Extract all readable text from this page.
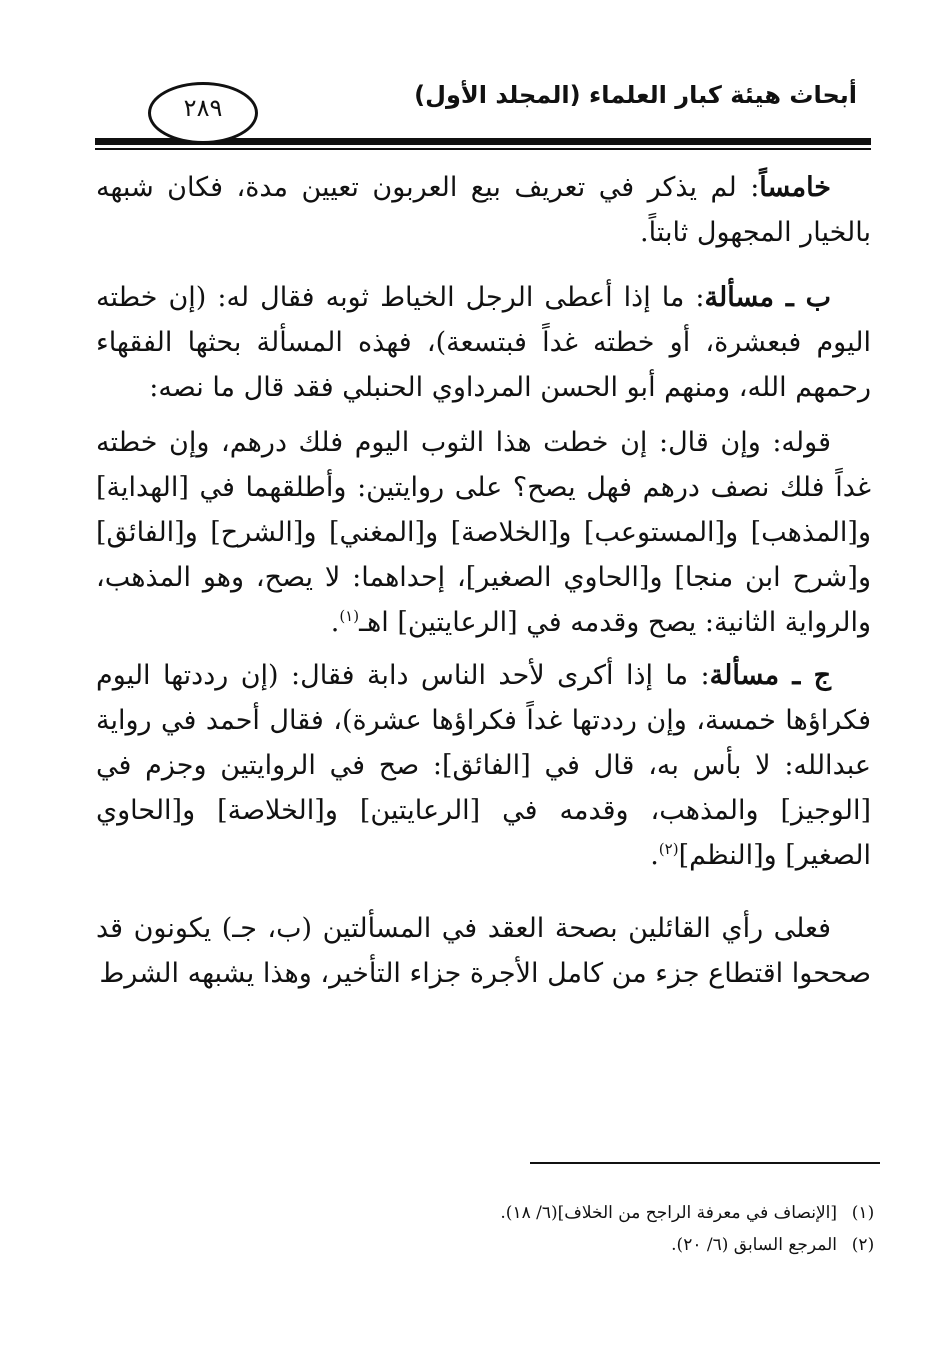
أبحاث هيئة كبار العلماء (المجلد الأول)
٢٨٩

خامساً: لم يذكر في تعريف بيع العربون تعيين مدة، فكان شبهه بالخيار المجهول ثابتاً.

ب ـ مسألة: ما إذا أعطى الرجل الخياط ثوبه فقال له: (إن خطته اليوم فبعشرة، أو خطته غداً فبتسعة)، فهذه المسألة بحثها الفقهاء رحمهم الله، ومنهم أبو الحسن المرداوي الحنبلي فقد قال ما نصه:

قوله: وإن قال: إن خطت هذا الثوب اليوم فلك درهم، وإن خطته غداً فلك نصف درهم فهل يصح؟ على روايتين: وأطلقهما في [الهداية] و[المذهب] و[المستوعب] و[الخلاصة] و[المغني] و[الشرح] و[الفائق] و[شرح ابن منجا] و[الحاوي الصغير]، إحداهما: لا يصح، وهو المذهب، والرواية الثانية: يصح وقدمه في [الرعايتين] اهـ$^{(١)}$.

ج ـ مسألة: ما إذا أكرى لأحد الناس دابة فقال: (إن رددتها اليوم فكراؤها خمسة، وإن رددتها غداً فكراؤها عشرة)، فقال أحمد في رواية عبدالله: لا بأس به، قال في [الفائق]: صح في الروايتين وجزم في [الوجيز] والمذهب، وقدمه في [الرعايتين] و[الخلاصة] و[الحاوي الصغير] و[النظم]$^{(٢)}$.

فعلى رأي القائلين بصحة العقد في المسألتين (ب، جـ) يكونون قد صححوا اقتطاع جزء من كامل الأجرة جزاء التأخير، وهذا يشبهه الشرط

(١)
[الإنصاف في معرفة الراجح من الخلاف](٦/ ١٨).
(٢)
المرجع السابق (٦/ ٢٠).
